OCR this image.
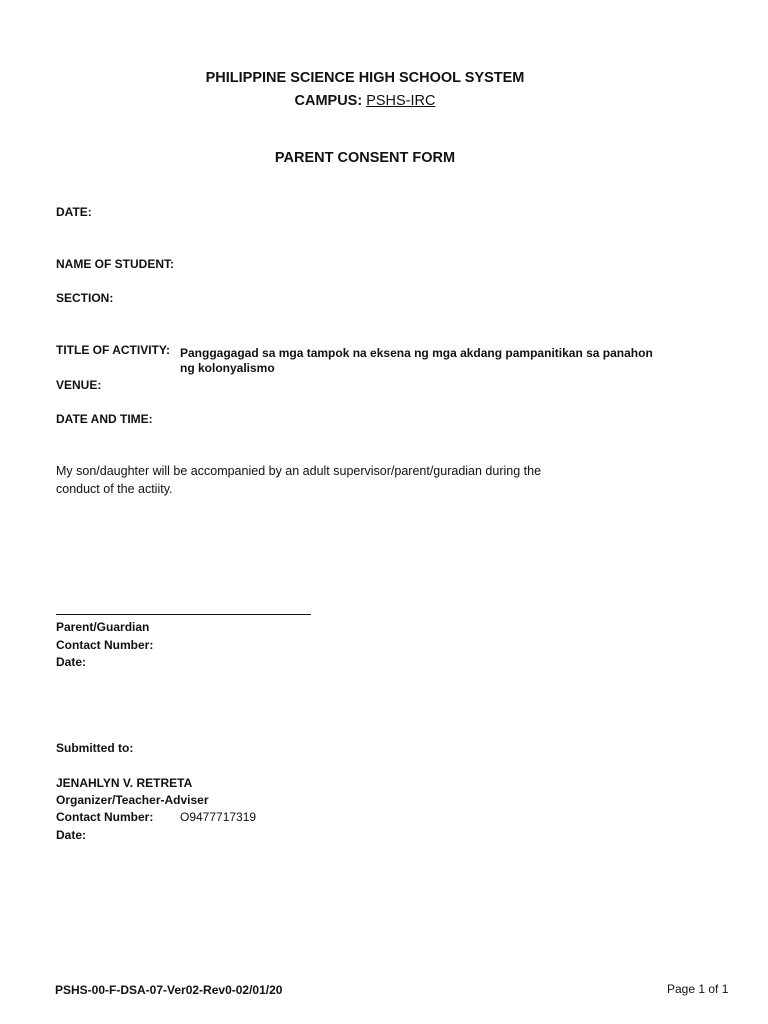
PHILIPPINE SCIENCE HIGH SCHOOL SYSTEM
CAMPUS: PSHS-IRC
PARENT CONSENT FORM
DATE:
NAME OF STUDENT:
SECTION:
TITLE OF ACTIVITY: Panggagagad sa mga tampok na eksena ng mga akdang pampanitikan sa panahon
ng kolonyalismo
VENUE:
DATE AND TIME:
My son/daughter will be accompanied by an adult supervisor/parent/guradian during the
conduct of the actiity.
Parent/Guardian
Contact Number:
Date:
Submitted to:
JENAHLYN V. RETRETA
Organizer/Teacher-Adviser
Contact Number: O9477717319
Date:
PSHS-00-F-DSA-07-Ver02-Rev0-02/01/20	Page 1 of 1
